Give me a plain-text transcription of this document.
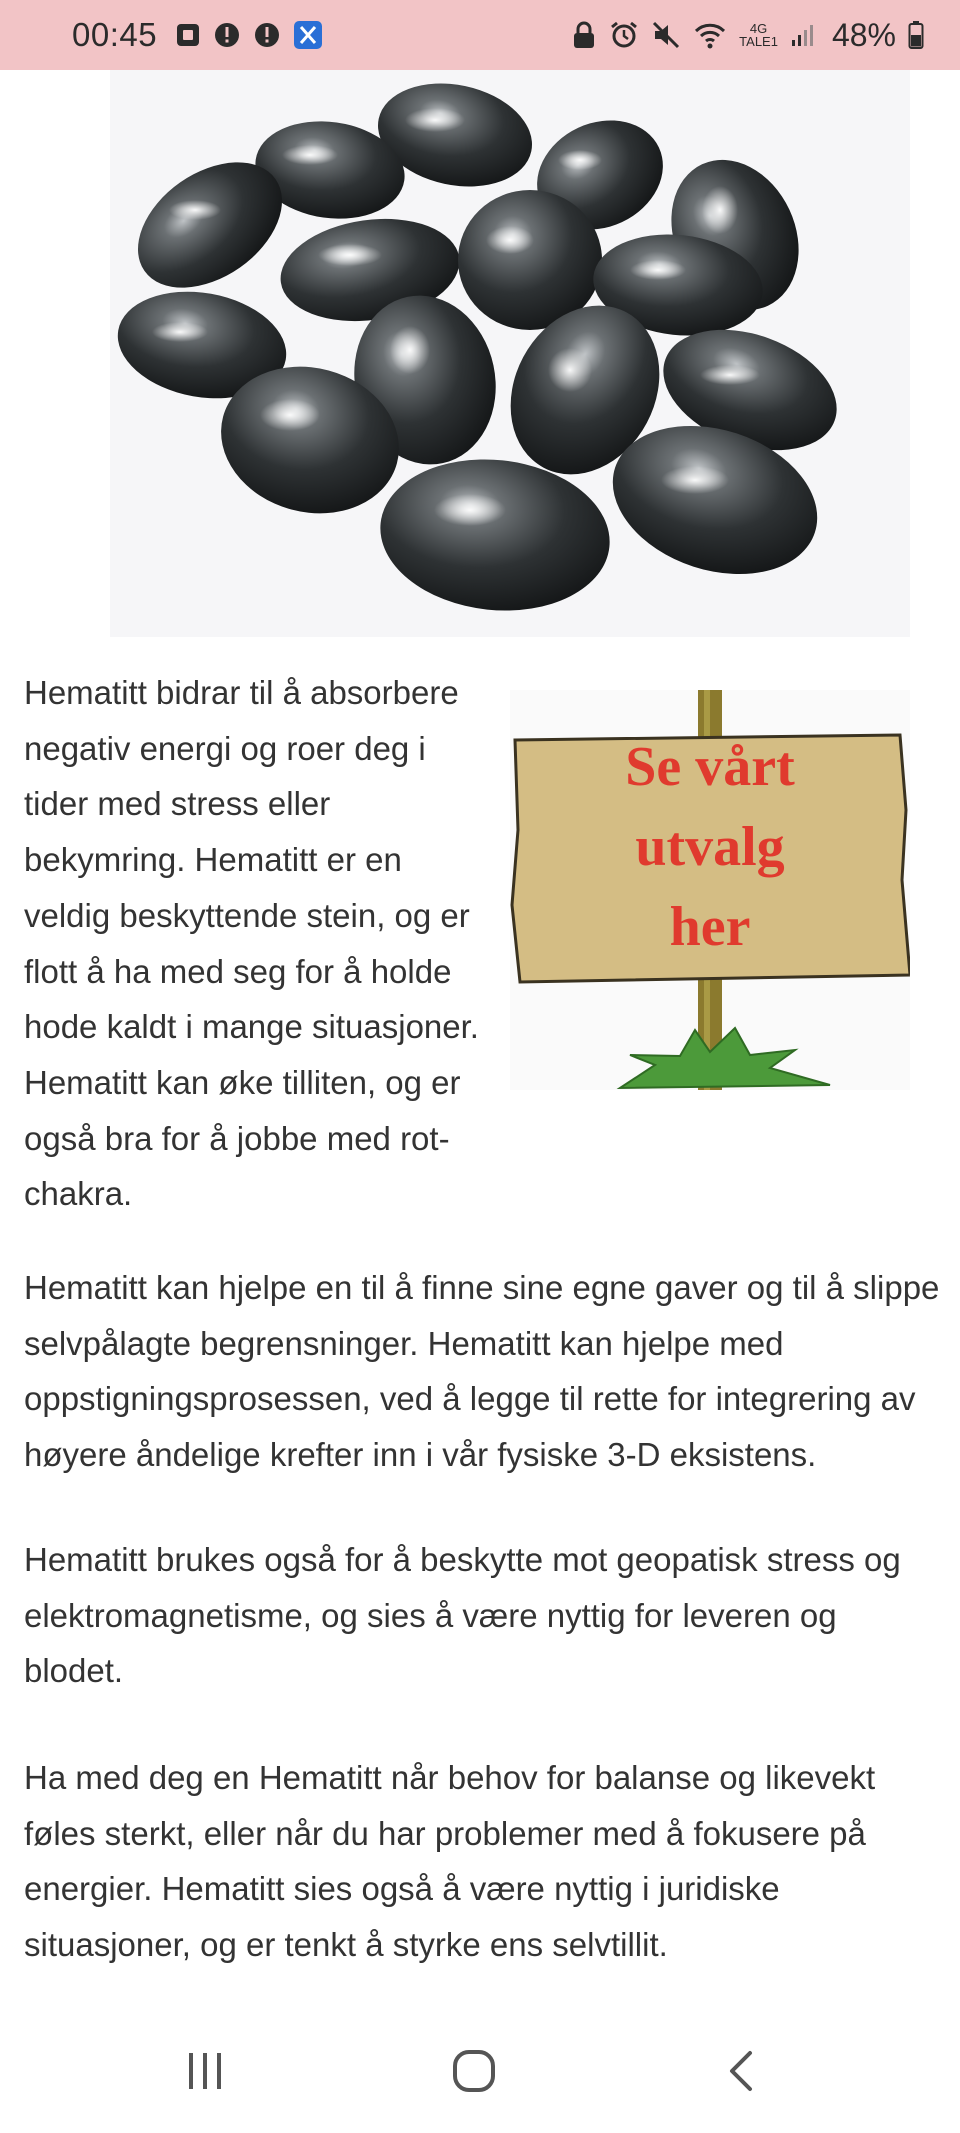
00:45	4G
TALE1 48%
Se vårt
utvalg
her

Hematitt bidrar til å absorbere negativ energi og roer deg i tider med stress eller bekymring. Hematitt er en veldig beskyttende stein, og er flott å ha med seg for å holde hode kaldt i mange situasjoner. Hematitt kan øke tilliten, og er også bra for å jobbe med rot-chakra.

Hematitt kan hjelpe en til å finne sine egne gaver og til å slippe selvpålagte begrensninger. Hematitt kan hjelpe med oppstigningsprosessen, ved å legge til rette for integrering av høyere åndelige krefter inn i vår fysiske 3-D eksistens.

Hematitt brukes også for å beskytte mot geopatisk stress og elektromagnetisme, og sies å være nyttig for leveren og blodet.

Ha med deg en Hematitt når behov for balanse og likevekt føles sterkt, eller når du har problemer med å fokusere på energier. Hematitt sies også å være nyttig i juridiske situasjoner, og er tenkt å styrke ens selvtillit.
